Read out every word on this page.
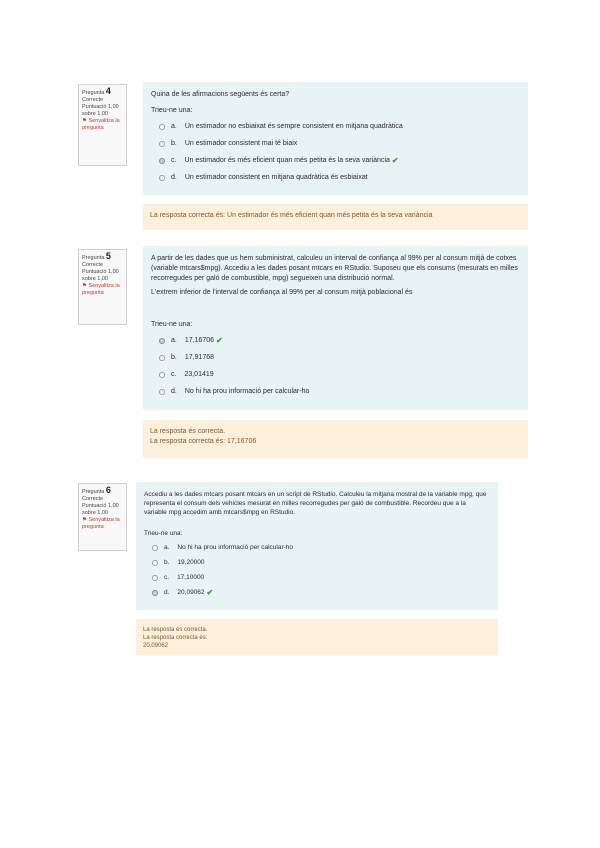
Pregunta 4
Correcte
Puntuació 1,00 sobre 1,00
⚑ Senyalitza la pregunta

Quina de les afirmacions següents és certa?

Trieu-ne una:
a. Un estimador no esbiaixat és sempre consistent en mitjana quadràtica
b. Un estimador consistent mai té biaix
c. Un estimador és més eficient quan més petita és la seva variància ✔
d. Un estimador consistent en mitjana quadràtica és esbiaixat

La resposta correcta és: Un estimador és més eficient quan més petita és la seva variància

Pregunta 5
Correcte
Puntuació 1,00 sobre 1,00
⚑ Senyalitza la pregunta

A partir de les dades que us hem subministrat, calculeu un interval de confiança al 99% per al consum mitjà de cotxes (variable mtcars$mpg). Accediu a les dades posant mtcars en RStudio. Suposeu que els consums (mesurats en milles recorregudes per galó de combustible, mpg) segueixen una distribució normal.

L'extrem inferior de l'interval de confiança al 99% per al consum mitjà poblacional és

Trieu-ne una:
a. 17,16706 ✔
b. 17,91768
c. 23,01419
d. No hi ha prou informació per calcular-ho

La resposta és correcta.

La resposta correcta és: 17,16706

Pregunta 6
Correcte
Puntuació 1,00 sobre 1,00
⚑ Senyalitza la pregunta

Accediu a les dades mtcars posant mtcars en un script de RStudio. Calculeu la mitjana mostral de la variable mpg, que representa el consum dels vehicles mesurat en milles recorregudes per galó de combustible. Recordeu que a la variable mpg accedim amb mtcars$mpg en RStudio.

Trieu-ne una:
a. No hi ha prou informació per calcular-ho
b. 19,20000
c. 17,10000
d. 20,09062 ✔

La resposta és correcta.

La resposta correcta és:

20,09062
